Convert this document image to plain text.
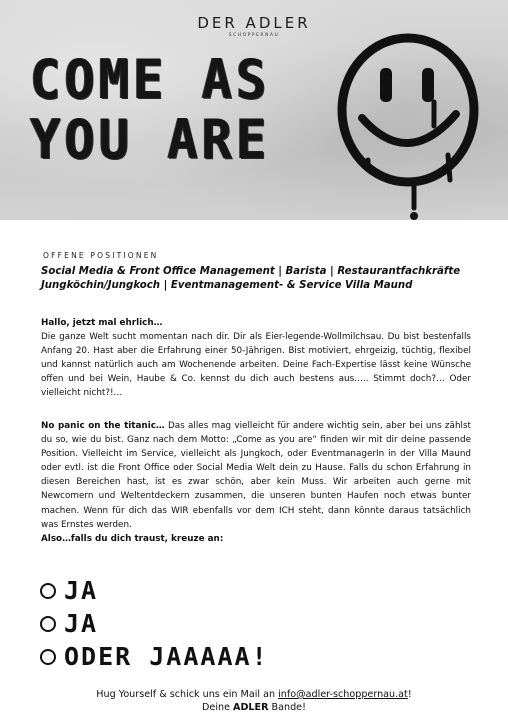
DER ADLER
SCHOPPERNAU
COME AS
YOU ARE
OFFENE POSITIONEN
Social Media & Front Office Management | Barista | Restaurantfachkräfte
Jungköchin/Jungkoch | Eventmanagement- & Service Villa Maund
Hallo, jetzt mal ehrlich…
Die ganze Welt sucht momentan nach dir. Dir als Eier-legende-Wollmilchsau. Du bist bestenfalls Anfang 20. Hast aber die Erfahrung einer 50-Jährigen. Bist motiviert, ehrgeizig, tüchtig, flexibel und kannst natürlich auch am Wochenende arbeiten. Deine Fach-Expertise lässt keine Wünsche offen und bei Wein, Haube & Co. kennst du dich auch bestens aus….. Stimmt doch?… Oder vielleicht nicht?!…
No panic on the titanic… Das alles mag vielleicht für andere wichtig sein, aber bei uns zählst du so, wie du bist. Ganz nach dem Motto: „Come as you are“ finden wir mit dir deine passende Position. Vielleicht im Service, vielleicht als Jungkoch, oder EventmanagerIn in der Villa Maund oder evtl. ist die Front Office oder Social Media Welt dein zu Hause. Falls du schon Erfahrung in diesen Bereichen hast, ist es zwar schön, aber kein Muss. Wir arbeiten auch gerne mit Newcomern und Weltentdeckern zusammen, die unseren bunten Haufen noch etwas bunter machen. Wenn für dich das WIR ebenfalls vor dem ICH steht, dann könnte daraus tatsächlich was Ernstes werden.
Also…falls du dich traust, kreuze an:
JA
JA
ODER JAAAAA!
Hug Yourself & schick uns ein Mail an info@adler-schoppernau.at!
Deine ADLER Bande!
